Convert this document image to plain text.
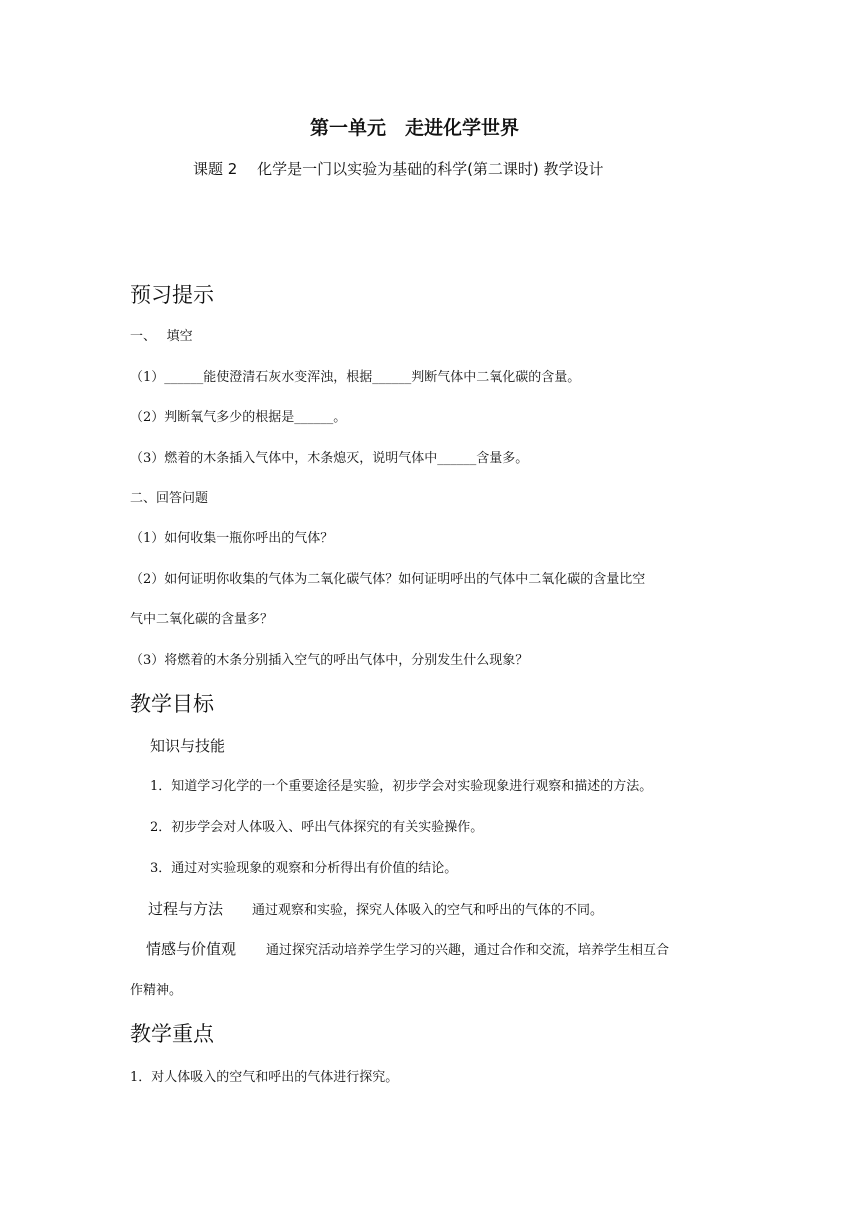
第一单元　走进化学世界
课题 2　 化学是一门以实验为基础的科学(第二课时) 教学设计
预习提示
一、　 填空
（1）______能使澄清石灰水变浑浊，根据______判断气体中二氧化碳的含量。
（2）判断氧气多少的根据是______。
（3）燃着的木条插入气体中，木条熄灭，说明气体中______含量多。
二、回答问题
（1）如何收集一瓶你呼出的气体？
（2）如何证明你收集的气体为二氧化碳气体？如何证明呼出的气体中二氧化碳的含量比空
气中二氧化碳的含量多？
（3）将燃着的木条分别插入空气的呼出气体中，分别发生什么现象？
教学目标
知识与技能
1．知道学习化学的一个重要途径是实验，初步学会对实验现象进行观察和描述的方法。
2．初步学会对人体吸入、呼出气体探究的有关实验操作。
3．通过对实验现象的观察和分析得出有价值的结论。
过程与方法 通过观察和实验，探究人体吸入的空气和呼出的气体的不同。
情感与价值观 通过探究活动培养学生学习的兴趣，通过合作和交流，培养学生相互合
作精神。
教学重点
1．对人体吸入的空气和呼出的气体进行探究。
